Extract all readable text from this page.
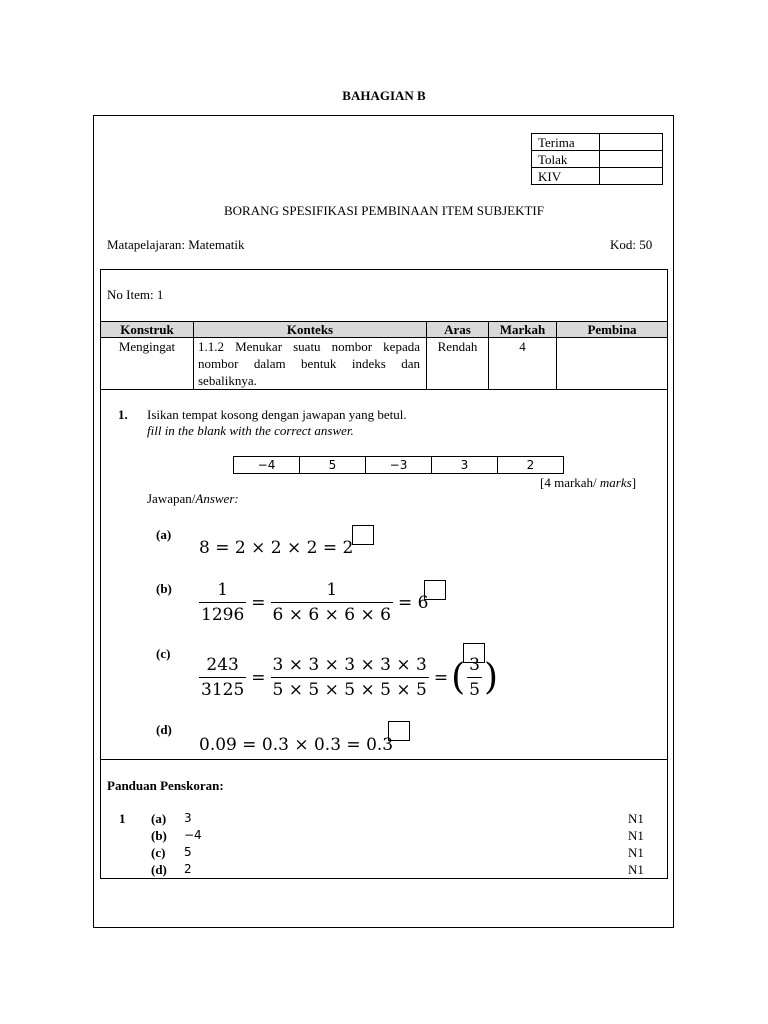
BAHAGIAN B
Terima	
Tolak	
KIV	
BORANG SPESIFIKASI PEMBINAAN ITEM SUBJEKTIF
Matapelajaran: Matematik	Kod: 50
No Item: 1
Konstruk	Konteks	Aras	Markah	Pembina
Mengingat	1.1.2 Menukar suatu nombor kepada nombor dalam bentuk indeks dan sebaliknya.	Rendah	4	
1. Isikan tempat kosong dengan jawapan yang betul.
fill in the blank with the correct answer.
−4	5	−3	3	2
[4 markah/ marks]
Jawapan/Answer:
(a)
8 = 2 × 2 × 2 = 2
$(b) \frac{1}{1296} = \frac{1}{6 \times 6 \times 6 \times 6} = 6$
(c)
$\frac{243}{3125} = \frac{3 \times 3 \times 3 \times 3 \times 3}{5 \times 5 \times 5 \times 5 \times 5}$ = ( $\frac{3}{5}$ )
(d)
0.09 = 0.3 × 0.3 = 0.3
Panduan Penskoran:
1 (a) 3	N1
(b) −4	N1
(c) 5	N1
(d) 2	N1
